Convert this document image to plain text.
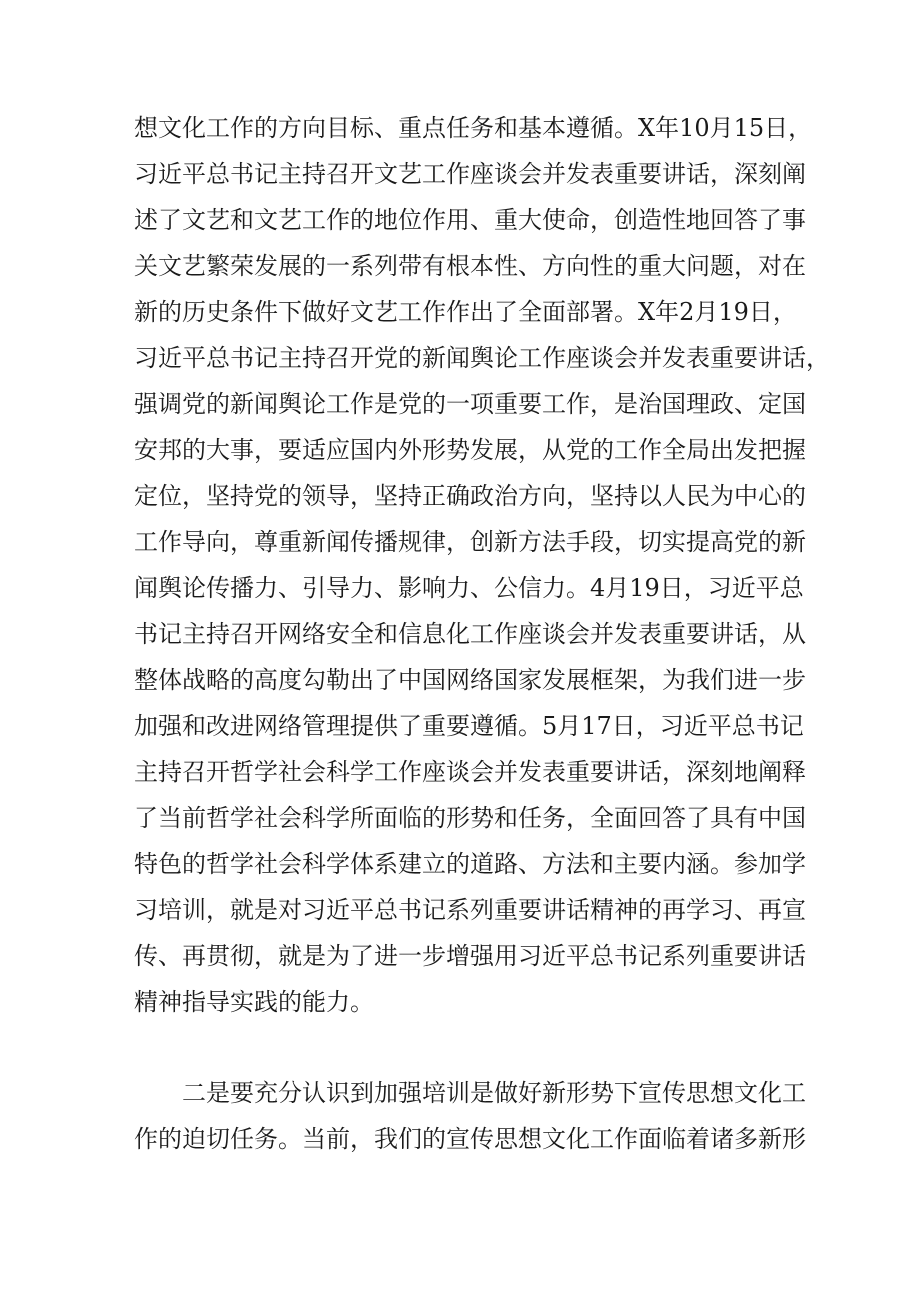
想文化工作的方向目标、重点任务和基本遵循。X年10月15日，
习近平总书记主持召开文艺工作座谈会并发表重要讲话，深刻阐
述了文艺和文艺工作的地位作用、重大使命，创造性地回答了事
关文艺繁荣发展的一系列带有根本性、方向性的重大问题，对在
新的历史条件下做好文艺工作作出了全面部署。X年2月19日，
习近平总书记主持召开党的新闻舆论工作座谈会并发表重要讲话，
强调党的新闻舆论工作是党的一项重要工作，是治国理政、定国
安邦的大事，要适应国内外形势发展，从党的工作全局出发把握
定位，坚持党的领导，坚持正确政治方向，坚持以人民为中心的
工作导向，尊重新闻传播规律，创新方法手段，切实提高党的新
闻舆论传播力、引导力、影响力、公信力。4月19日，习近平总
书记主持召开网络安全和信息化工作座谈会并发表重要讲话，从
整体战略的高度勾勒出了中国网络国家发展框架，为我们进一步
加强和改进网络管理提供了重要遵循。5月17日，习近平总书记
主持召开哲学社会科学工作座谈会并发表重要讲话，深刻地阐释
了当前哲学社会科学所面临的形势和任务，全面回答了具有中国
特色的哲学社会科学体系建立的道路、方法和主要内涵。参加学
习培训，就是对习近平总书记系列重要讲话精神的再学习、再宣
传、再贯彻，就是为了进一步增强用习近平总书记系列重要讲话
精神指导实践的能力。
二是要充分认识到加强培训是做好新形势下宣传思想文化工
作的迫切任务。当前，我们的宣传思想文化工作面临着诸多新形
